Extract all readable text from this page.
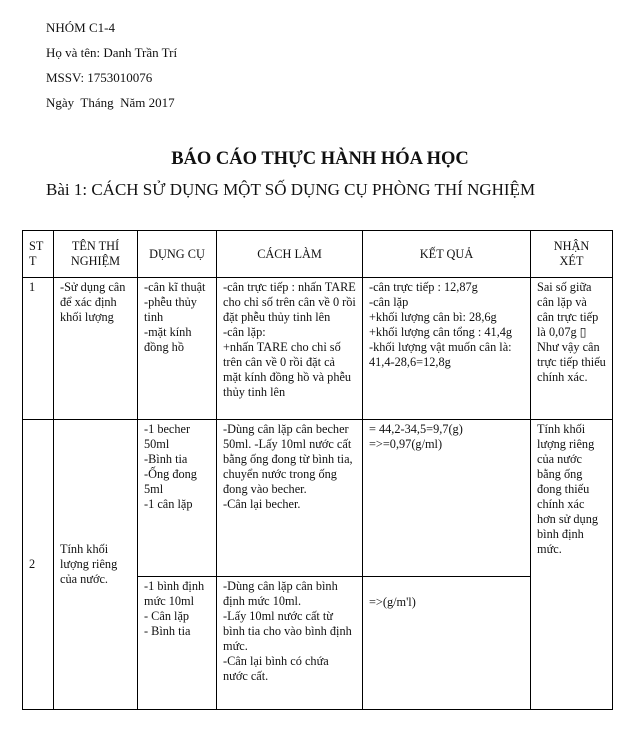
NHÓM C1-4
Họ và tên: Danh Trần Trí
MSSV: 1753010076
Ngày  Tháng  Năm 2017
BÁO CÁO THỰC HÀNH HÓA HỌC
Bài 1: CÁCH SỬ DỤNG MỘT SỐ DỤNG CỤ PHÒNG THÍ NGHIỆM
ST
T	TÊN THÍ
NGHIỆM	DỤNG CỤ	CÁCH LÀM	KẾT QUẢ	NHẬN
XÉT

1	-Sử dụng cân để xác định khối lượng	-cân kĩ thuật
-phễu thủy tinh
-mặt kính đồng hồ	-cân trực tiếp : nhấn TARE cho chỉ số trên cân về 0 rồi đặt phễu thủy tinh lên
-cân lặp:
+nhấn TARE cho chỉ số trên cân về 0 rồi đặt cả mặt kính đồng hồ và phễu thủy tinh lên	-cân trực tiếp : 12,87g
-cân lặp
+khối lượng cân bì: 28,6g
+khối lượng cân tổng : 41,4g
-khối lượng vật muốn cân là: 41,4-28,6=12,8g	Sai số giữa cân lặp và cân trực tiếp là 0,07g ▯ Như vậy cân trực tiếp thiếu chính xác.
2	Tính khối lượng riêng của nước.	-1 becher 50ml
-Bình tia
-Ống đong 5ml
-1 cân lặp	-Dùng cân lặp cân becher 50ml. -Lấy 10ml nước cất bằng ống đong từ bình tia, chuyển nước trong ống đong vào becher.
-Cân lại becher.	= 44,2-34,5=9,7(g)
=>=0,97(g/ml)	Tính khối lượng riêng của nước bằng ống đong thiếu chính xác hơn sử dụng bình định mức.

		-1 bình định mức 10ml
- Cân lặp
- Bình tia	-Dùng cân lặp cân bình định mức 10ml.
-Lấy 10ml nước cất từ bình tia cho vào bình định mức.
-Cân lại bình có chứa nước cất.	=>(g/m'l)	
